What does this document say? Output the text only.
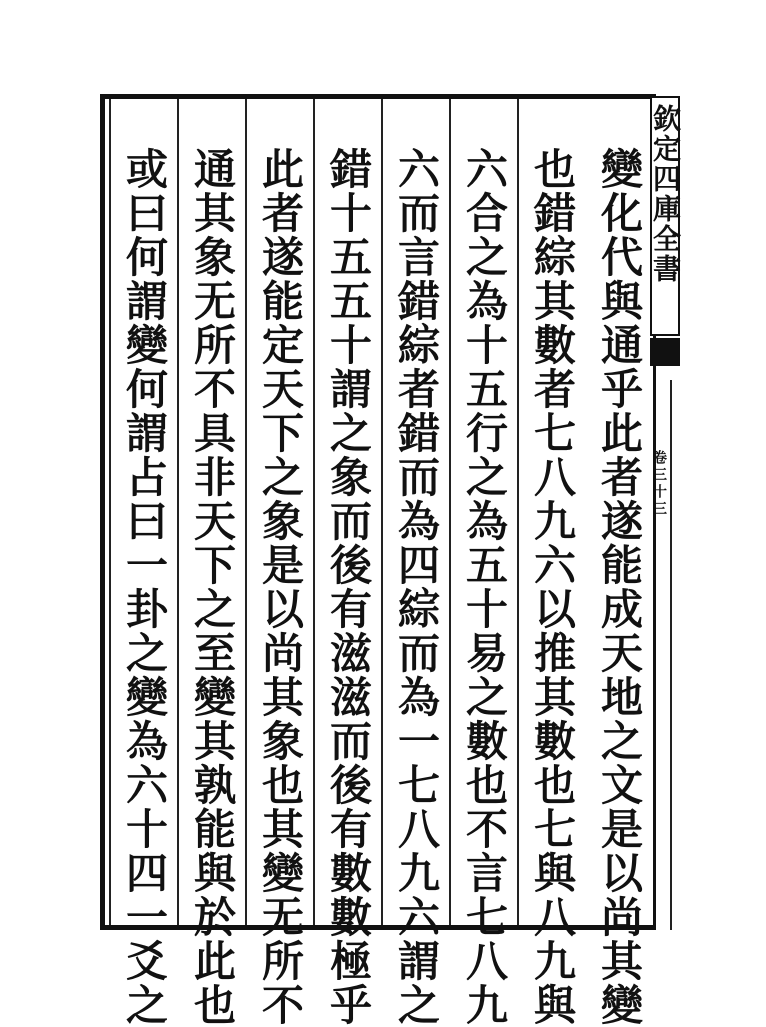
變化代與通乎此者遂能成天地之文是以尚其變
也錯綜其數者七八九六以推其數也七與八九與
六合之為十五行之為五十易之數也不言七八九
六而言錯綜者錯而為四綜而為一七八九六謂之
錯十五五十謂之象而後有滋滋而後有數數極乎
此者遂能定天下之象是以尚其象也其變无所不
通其象无所不具非天下之至變其孰能與於此也
或曰何謂變何謂占曰一卦之變為六十四一爻之	欽定四庫全書
卷三十三
